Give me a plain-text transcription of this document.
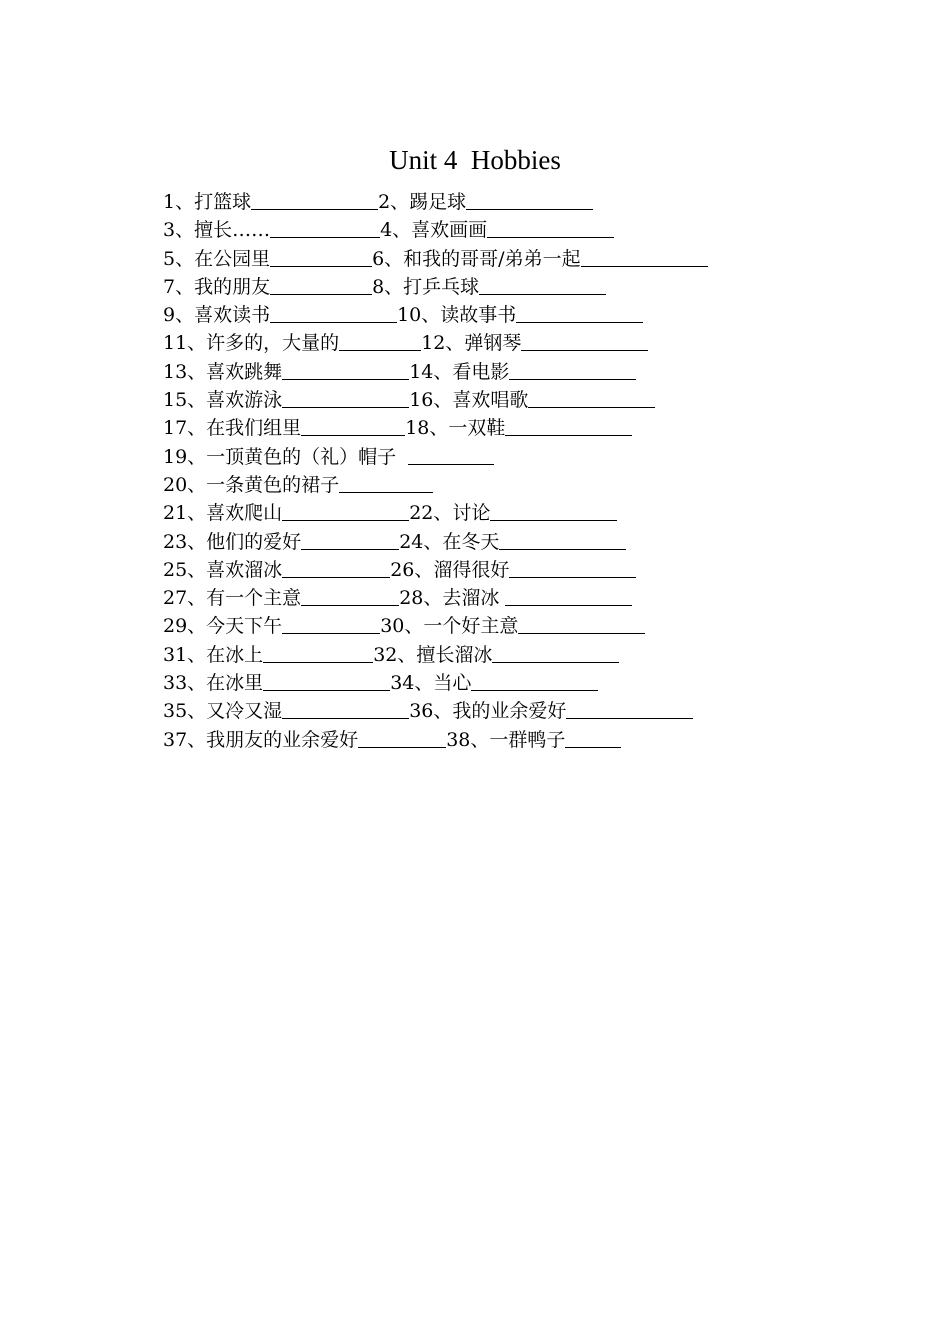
Unit 4  Hobbies
1、打篮球	2、踢足球
3、擅长……	4、喜欢画画
5、在公园里	6、和我的哥哥/弟弟一起
7、我的朋友	8、打乒乓球
9、喜欢读书	10、读故事书
11、许多的，大量的	12、弹钢琴
13、喜欢跳舞	14、看电影
15、喜欢游泳	16、喜欢唱歌
17、在我们组里	18、一双鞋
19、一顶黄色的（礼）帽子
20、一条黄色的裙子
21、喜欢爬山	22、讨论
23、他们的爱好	24、在冬天
25、喜欢溜冰	26、溜得很好
27、有一个主意	28、去溜冰
29、今天下午	30、一个好主意
31、在冰上	32、擅长溜冰
33、在冰里	34、当心
35、又冷又湿	36、我的业余爱好
37、我朋友的业余爱好	38、一群鸭子
